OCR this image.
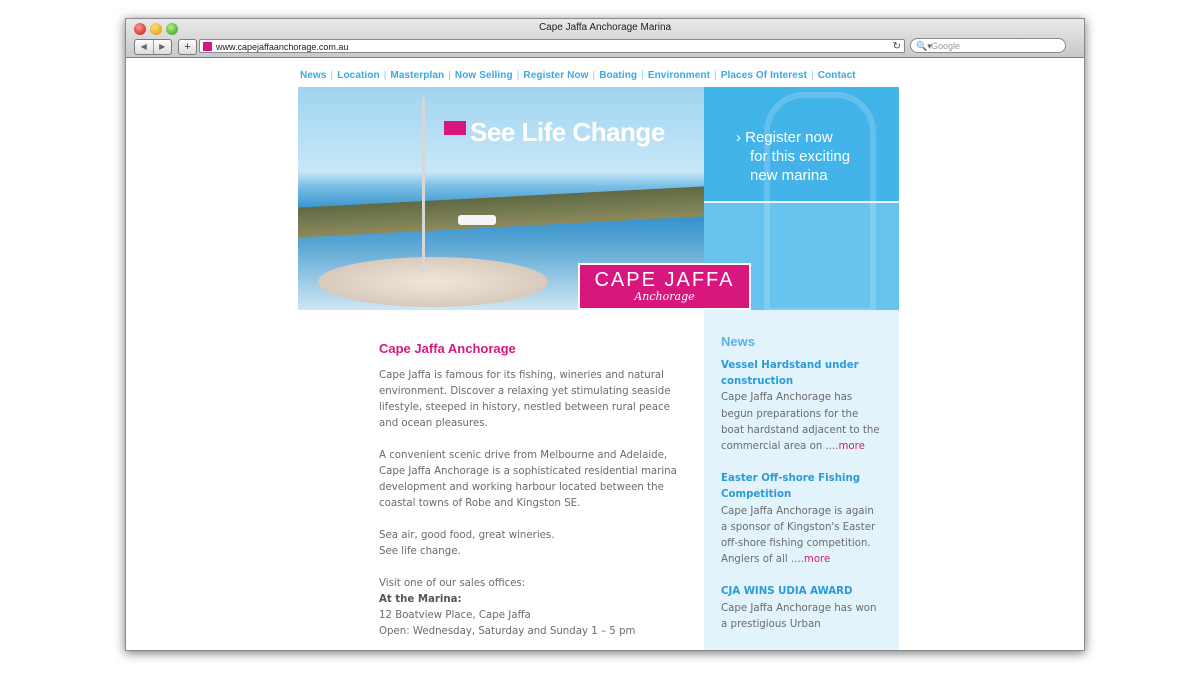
Cape Jaffa Anchorage Marina
◀	▶	+	www.capejaffaanchorage.com.au	↻ 🔍▾ Google
News | Location | Masterplan | Now Selling | Register Now | Boating | Environment | Places Of Interest | Contact
See Life Change	› Register now
for this exciting
new marina
CAPE JAFFA
Anchorage
Cape Jaffa Anchorage

Cape Jaffa is famous for its fishing, wineries and natural environment. Discover a relaxing yet stimulating seaside lifestyle, steeped in history, nestled between rural peace and ocean pleasures.

A convenient scenic drive from Melbourne and Adelaide, Cape Jaffa Anchorage is a sophisticated residential marina development and working harbour located between the coastal towns of Robe and Kingston SE.

Sea air, good food, great wineries.
See life change.

Visit one of our sales offices:
At the Marina:
12 Boatview Place, Cape Jaffa
Open: Wednesday, Saturday and Sunday 1 – 5 pm

News
Vessel Hardstand under construction
Cape Jaffa Anchorage has begun preparations for the boat hardstand adjacent to the commercial area on ....more
Easter Off-shore Fishing Competition
Cape Jaffa Anchorage is again a sponsor of Kingston's Easter off-shore fishing competition. Anglers of all ....more
CJA WINS UDIA AWARD
Cape Jaffa Anchorage has won a prestigious Urban
